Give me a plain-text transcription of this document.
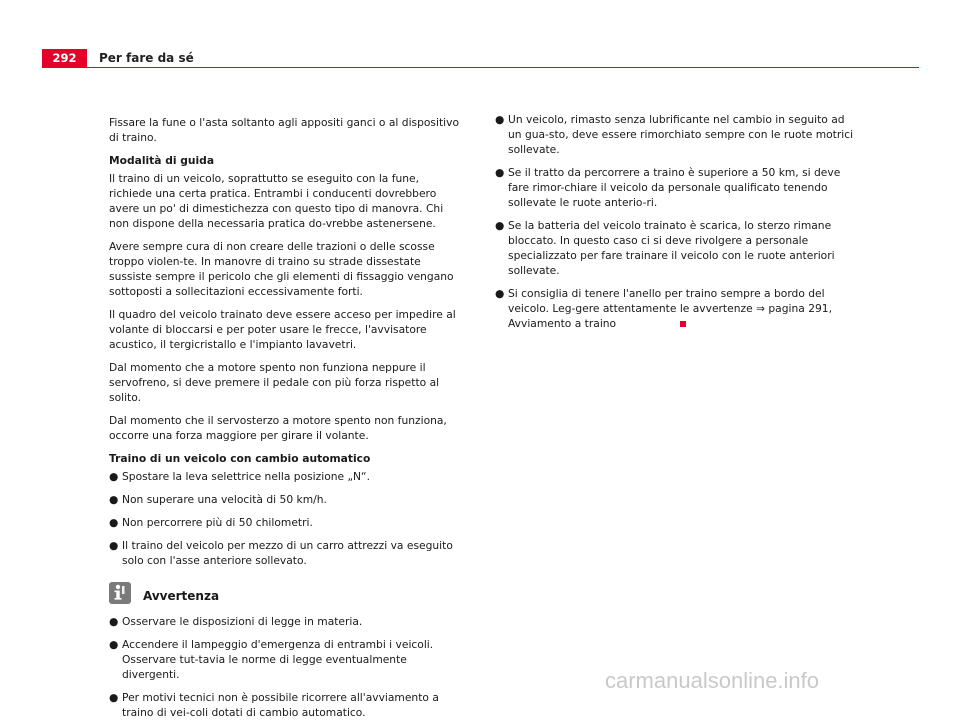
292	Per fare da sé

Fissare la fune o l'asta soltanto agli appositi ganci o al dispositivo di traino.

Modalità di guida

Il traino di un veicolo, soprattutto se eseguito con la fune, richiede una certa pratica. Entrambi i conducenti dovrebbero avere un po' di dimestichezza con questo tipo di manovra. Chi non dispone della necessaria pratica do-vrebbe astenersene.

Avere sempre cura di non creare delle trazioni o delle scosse troppo violen-te. In manovre di traino su strade dissestate sussiste sempre il pericolo che gli elementi di fissaggio vengano sottoposti a sollecitazioni eccessivamente forti.

Il quadro del veicolo trainato deve essere acceso per impedire al volante di bloccarsi e per poter usare le frecce, l'avvisatore acustico, il tergicristallo e l'impianto lavavetri.

Dal momento che a motore spento non funziona neppure il servofreno, si deve premere il pedale con più forza rispetto al solito.

Dal momento che il servosterzo a motore spento non funziona, occorre una forza maggiore per girare il volante.

Traino di un veicolo con cambio automatico

● Spostare la leva selettrice nella posizione „N“.
● Non superare una velocità di 50 km/h.
● Non percorrere più di 50 chilometri.
● Il traino del veicolo per mezzo di un carro attrezzi va eseguito solo con l'asse anteriore sollevato.
Avvertenza
● Osservare le disposizioni di legge in materia.
● Accendere il lampeggio d'emergenza di entrambi i veicoli. Osservare tut-tavia le norme di legge eventualmente divergenti.
● Per motivi tecnici non è possibile ricorrere all'avviamento a traino di vei-coli dotati di cambio automatico.
● Un veicolo, rimasto senza lubrificante nel cambio in seguito ad un gua-sto, deve essere rimorchiato sempre con le ruote motrici sollevate.
● Se il tratto da percorrere a traino è superiore a 50 km, si deve fare rimor-chiare il veicolo da personale qualificato tenendo sollevate le ruote anterio-ri.
● Se la batteria del veicolo trainato è scarica, lo sterzo rimane bloccato. In questo caso ci si deve rivolgere a personale specializzato per fare trainare il veicolo con le ruote anteriori sollevate.
● Si consiglia di tenere l'anello per traino sempre a bordo del veicolo. Leg-gere attentamente le avvertenze ⇒ pagina 291, Avviamento a traino
carmanualsonline.info
